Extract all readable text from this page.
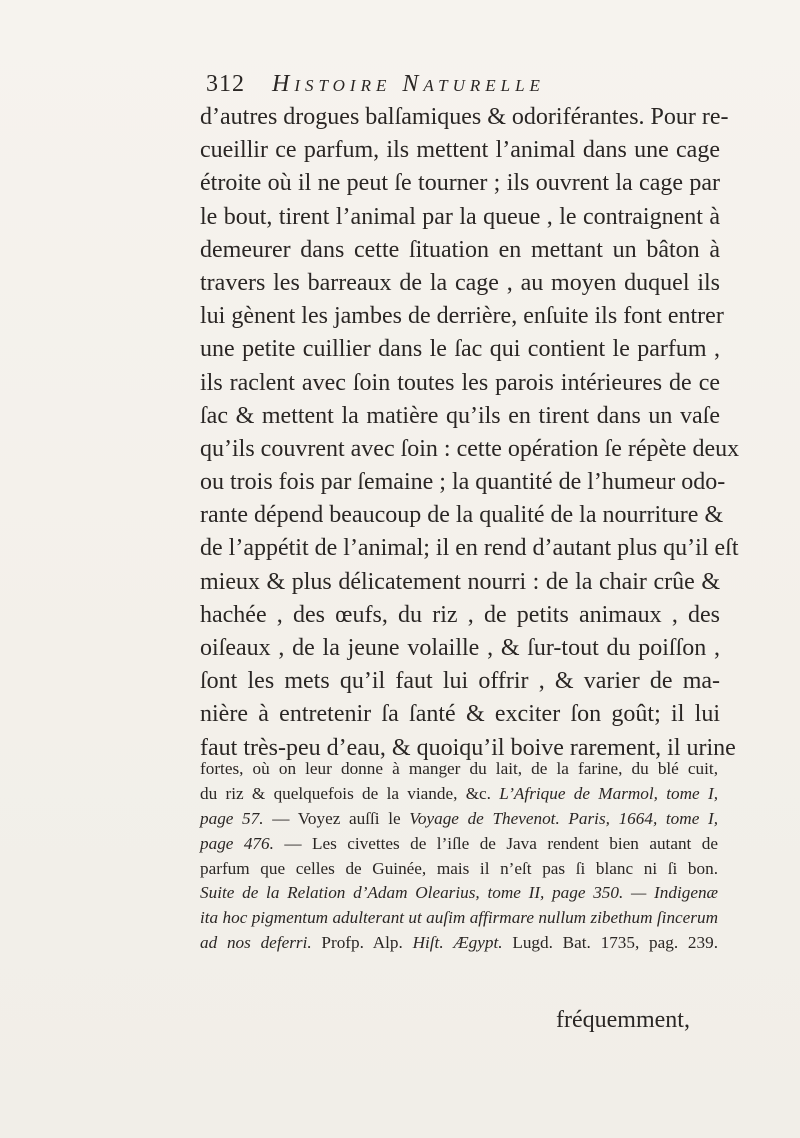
312 Histoire Naturelle
d’autres drogues balſamiques & odoriférantes. Pour re-
cueillir ce parfum, ils mettent l’animal dans une cage
étroite où il ne peut ſe tourner ; ils ouvrent la cage par
le bout, tirent l’animal par la queue , le contraignent à
demeurer dans cette ſituation en mettant un bâton à
travers les barreaux de la cage , au moyen duquel ils
lui gènent les jambes de derrière, enſuite ils font entrer
une petite cuillier dans le ſac qui contient le parfum ,
ils raclent avec ſoin toutes les parois intérieures de ce
ſac & mettent la matière qu’ils en tirent dans un vaſe
qu’ils couvrent avec ſoin : cette opération ſe répète deux
ou trois fois par ſemaine ; la quantité de l’humeur odo-
rante dépend beaucoup de la qualité de la nourriture &
de l’appétit de l’animal; il en rend d’autant plus qu’il eſt
mieux & plus délicatement nourri : de la chair crûe &
hachée , des œufs, du riz , de petits animaux , des
oiſeaux , de la jeune volaille , & ſur-tout du poiſſon ,
ſont les mets qu’il faut lui offrir , & varier de ma-
nière à entretenir ſa ſanté & exciter ſon goût; il lui
faut très-peu d’eau, & quoiqu’il boive rarement, il urine
fortes, où on leur donne à manger du lait, de la farine, du blé cuit,
du riz & quelquefois de la viande, &c. L’Afrique de Marmol, tome I,
page 57. — Voyez auſſi le Voyage de Thevenot. Paris, 1664, tome I,
page 476. — Les civettes de l’iſle de Java rendent bien autant de
parfum que celles de Guinée, mais il n’eſt pas ſi blanc ni ſi bon.
Suite de la Relation d’Adam Olearius, tome II, page 350. — Indigenæ
ita hoc pigmentum adulterant ut auſim affirmare nullum zibethum ſincerum
ad nos deferri. Profp. Alp. Hiſt. Ægypt. Lugd. Bat. 1735, pag. 239.
fréquemment,
